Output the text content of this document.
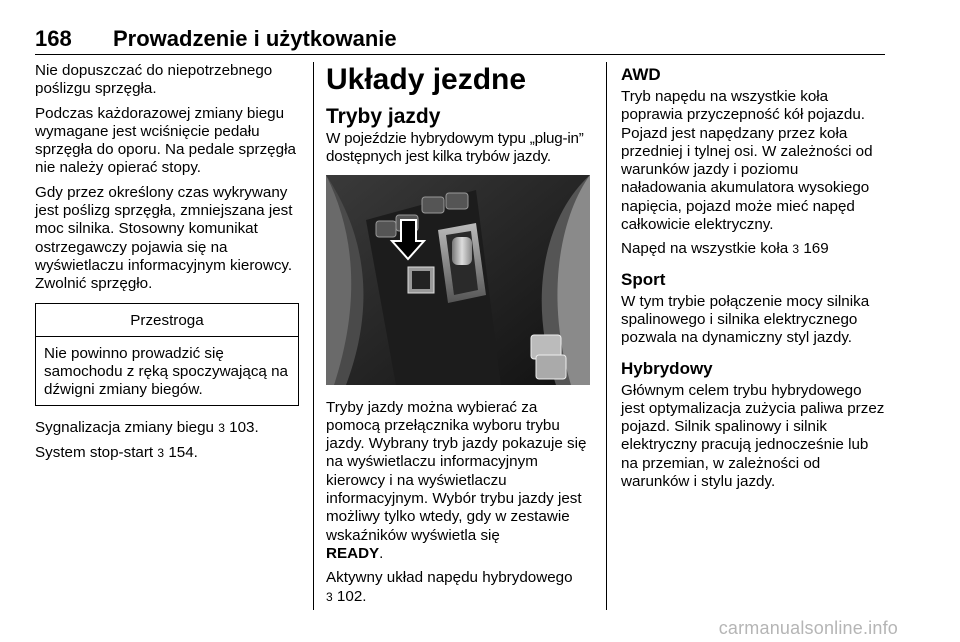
168 Prowadzenie i użytkowanie

Nie dopuszczać do niepotrzebnego poślizgu sprzęgła.

Podczas każdorazowej zmiany biegu wymagane jest wciśnięcie pedału sprzęgła do oporu. Na pedale sprzęgła nie należy opierać stopy.

Gdy przez określony czas wykrywany jest poślizg sprzęgła, zmniejszana jest moc silnika. Stosowny komunikat ostrzegawczy pojawia się na wyświetlaczu informacyjnym kierowcy. Zwolnić sprzęgło.

Przestroga
Nie powinno prowadzić się samochodu z ręką spoczywającą na dźwigni zmiany biegów.

Sygnalizacja zmiany biegu 3 103.

System stop-start 3 154.

Układy jezdne
Tryby jazdy

W pojeździe hybrydowym typu „plug-in” dostępnych jest kilka trybów jazdy.

Tryby jazdy można wybierać za pomocą przełącznika wyboru trybu jazdy. Wybrany tryb jazdy pokazuje się na wyświetlaczu informacyjnym kierowcy i na wyświetlaczu informacyjnym. Wybór trybu jazdy jest możliwy tylko wtedy, gdy w zestawie wskaźników wyświetla się
READY.

Aktywny układ napędu hybrydowego
3 102.

AWD

Tryb napędu na wszystkie koła poprawia przyczepność kół pojazdu. Pojazd jest napędzany przez koła przedniej i tylnej osi. W zależności od warunków jazdy i poziomu naładowania akumulatora wysokiego napięcia, pojazd może mieć napęd całkowicie elektryczny.

Napęd na wszystkie koła 3 169

Sport

W tym trybie połączenie mocy silnika spalinowego i silnika elektrycznego pozwala na dynamiczny styl jazdy.

Hybrydowy

Głównym celem trybu hybrydowego jest optymalizacja zużycia paliwa przez pojazd. Silnik spalinowy i silnik elektryczny pracują jednocześnie lub na przemian, w zależności od warunków i stylu jazdy.

carmanualsonline.info
